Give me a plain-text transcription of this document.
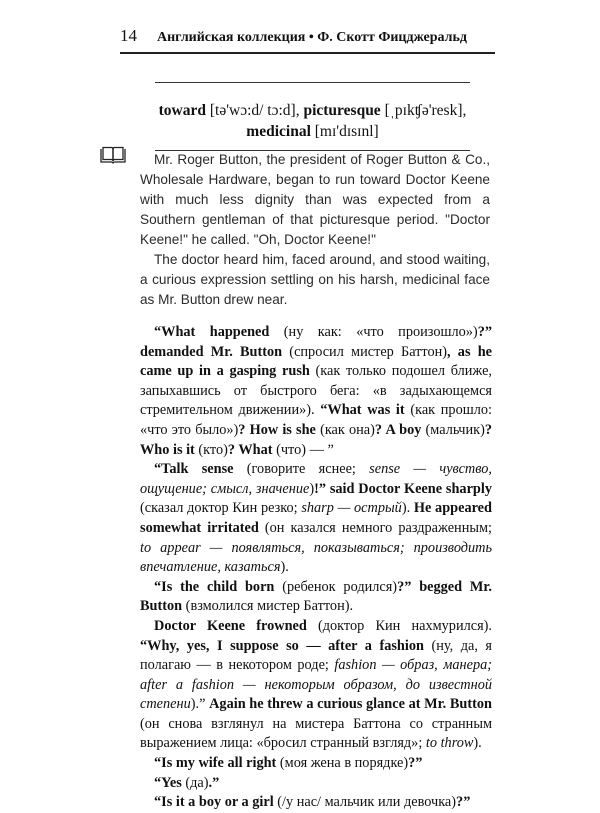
14 Английская коллекция • Ф. Скотт Фицджеральд
toward [tə'wɔ:d/ tɔ:d], picturesque [ˌpɪkʧə'resk],
medicinal [mɪ'dɪsɪnl]

Mr. Roger Button, the president of Roger Button & Co., Wholesale Hardware, began to run toward Doctor Keene with much less dignity than was expected from a Southern gentleman of that picturesque period. "Doctor Keene!" he called. "Oh, Doctor Keene!"

The doctor heard him, faced around, and stood waiting, a curious expression settling on his harsh, medicinal face as Mr. Button drew near.

“What happened (ну как: «что произошло»)?” demanded Mr. Button (спросил мистер Баттон), as he came up in a gasping rush (как только подошел ближе, запыхавшись от быстрого бега: «в задыхающемся стремительном движении»). “What was it (как прошло: «что это было»)? How is she (как она)? A boy (мальчик)? Who is it (кто)? What (что) — ”

“Talk sense (говорите яснее; sense — чувство, ощущение; смысл, значение)!” said Doctor Keene sharply (сказал доктор Кин резко; sharp — острый). He appeared somewhat irritated (он казался немного раздраженным; to appear — появляться, показываться; производить впечатление, казаться).

“Is the child born (ребенок родился)?” begged Mr. Button (взмолился мистер Баттон).

Doctor Keene frowned (доктор Кин нахмурился). “Why, yes, I suppose so — after a fashion (ну, да, я полагаю — в некотором роде; fashion — образ, манера; after a fashion — некоторым образом, до известной степени).” Again he threw a curious glance at Mr. Button (он снова взглянул на мистера Баттона со странным выражением лица: «бросил странный взгляд»; to throw).

“Is my wife all right (моя жена в порядке)?”

“Yes (да).”

“Is it a boy or a girl (/у нас/ мальчик или девочка)?”
